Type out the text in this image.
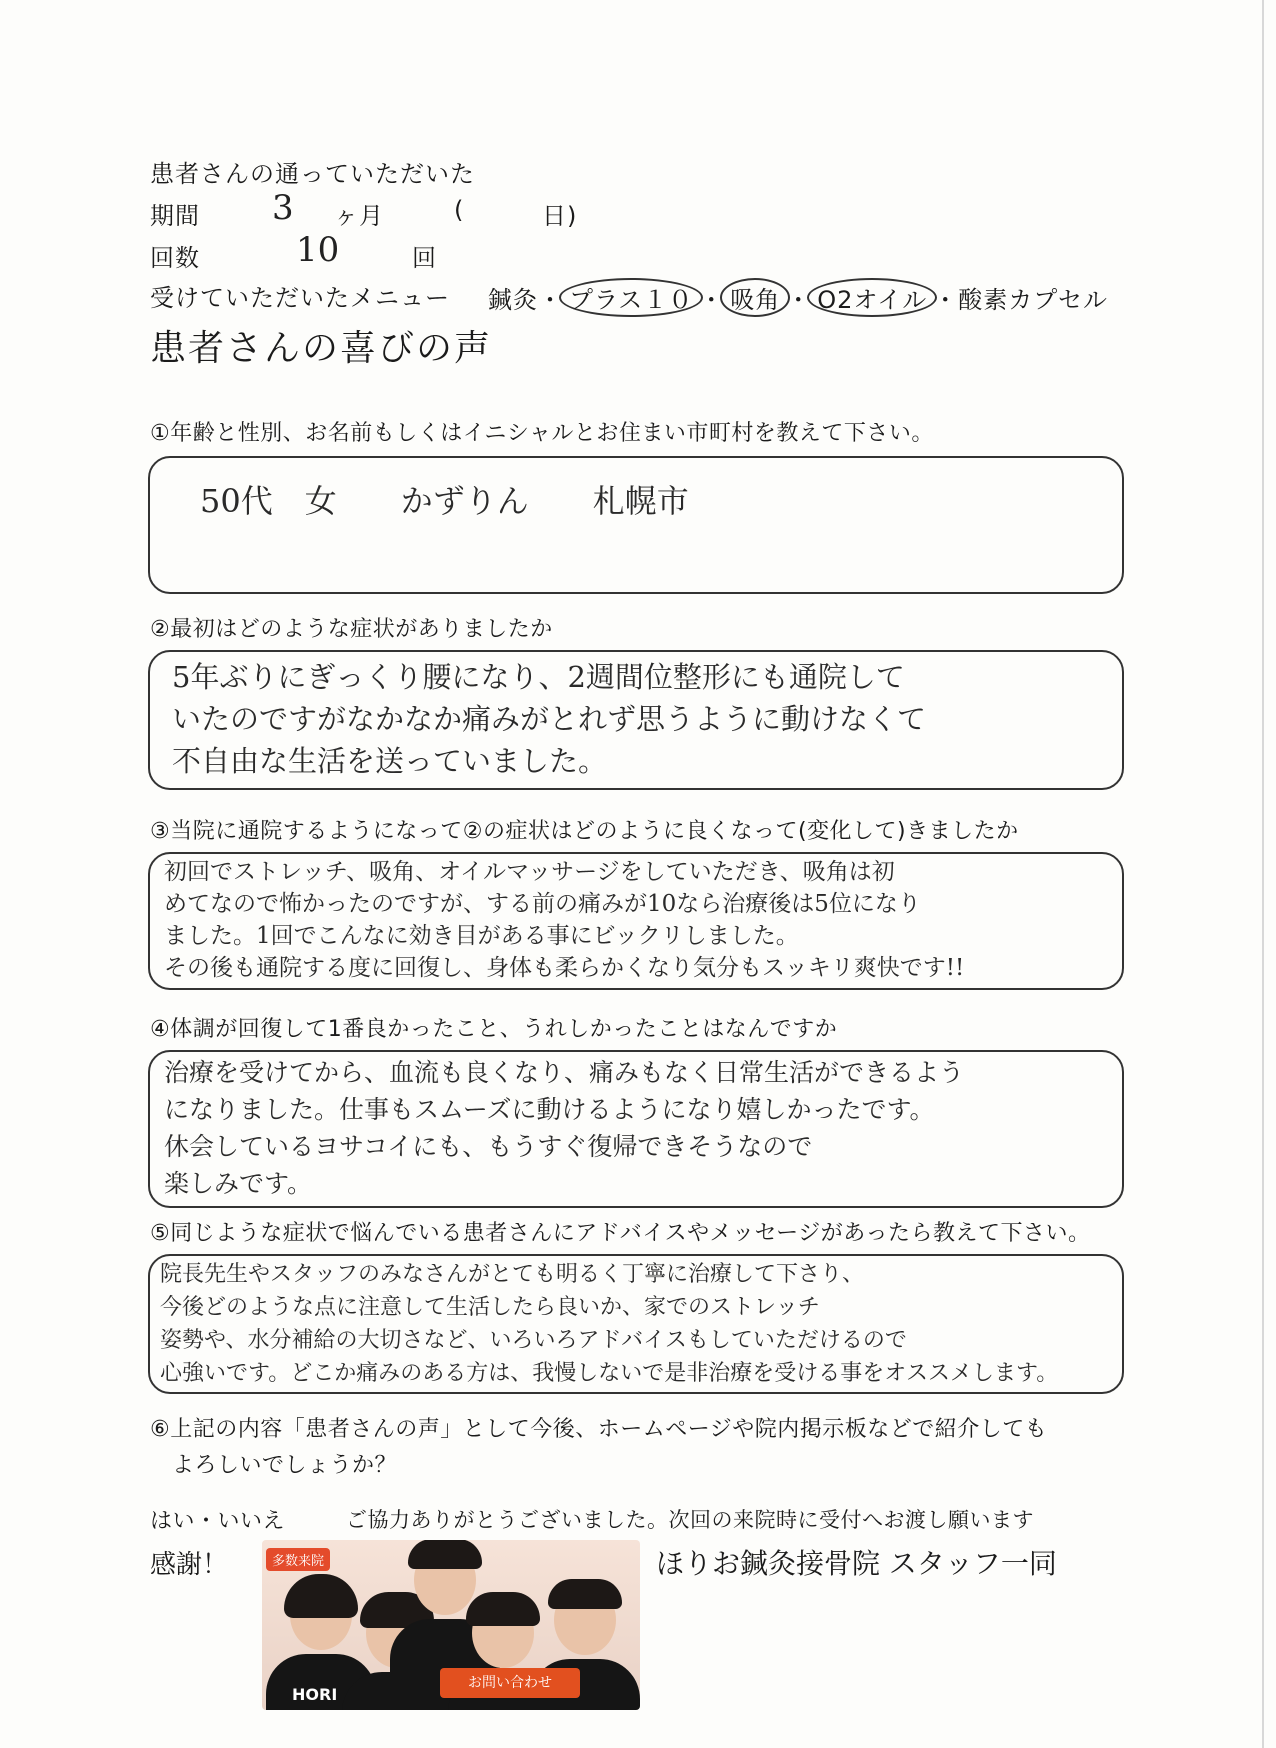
患者さんの通っていただいた
期間 3 ヶ月	(	日)
回数	10	回
受けていただいたメニュー 鍼灸・ プラス１０ ・ 吸角 ・ O2オイル ・酸素カプセル
患者さんの喜びの声
①年齢と性別、お名前もしくはイニシャルとお住まい市町村を教えて下さい。
50代　女　　かずりん　　札幌市
②最初はどのような症状がありましたか
5年ぶりにぎっくり腰になり、2週間位整形にも通院して
いたのですがなかなか痛みがとれず思うように動けなくて
不自由な生活を送っていました。
③当院に通院するようになって②の症状はどのように良くなって(変化して)きましたか
初回でストレッチ、吸角、オイルマッサージをしていただき、吸角は初
めてなので怖かったのですが、する前の痛みが10なら治療後は5位になり
ました。1回でこんなに効き目がある事にビックリしました。
その後も通院する度に回復し、身体も柔らかくなり気分もスッキリ爽快です!!
④体調が回復して1番良かったこと、うれしかったことはなんですか
治療を受けてから、血流も良くなり、痛みもなく日常生活ができるよう
になりました。仕事もスムーズに動けるようになり嬉しかったです。
休会しているヨサコイにも、もうすぐ復帰できそうなので
楽しみです。
⑤同じような症状で悩んでいる患者さんにアドバイスやメッセージがあったら教えて下さい。
院長先生やスタッフのみなさんがとても明るく丁寧に治療して下さり、
今後どのような点に注意して生活したら良いか、家でのストレッチ
姿勢や、水分補給の大切さなど、いろいろアドバイスもしていただけるので
心強いです。どこか痛みのある方は、我慢しないで是非治療を受ける事をオススメします。
⑥上記の内容「患者さんの声」として今後、ホームページや院内掲示板などで紹介しても
よろしいでしょうか？
はい・いいえ	ご協力ありがとうございました。次回の来院時に受付へお渡し願います
感謝！	ほりお鍼灸接骨院 スタッフ一同
多数来院
HORI
お問い合わせ
